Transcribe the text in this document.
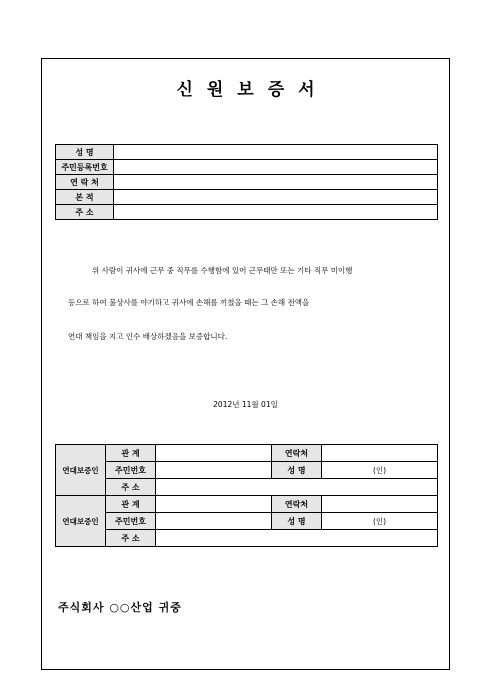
신원보증서
성 명	
주민등록번호	
연 락 처	
본 적	
주 소	
위 사람이 귀사에 근무 중 직무를 수행함에 있어 근무태만 또는 기타 직무 미이행
등으로 하여 불상사를 야기하고 귀사에 손해를 끼쳤을 때는 그 손해 전액을
연대 책임을 지고 인수 배상하겠음을 보증합니다.
2012년 11월 01일
연대보증인	관 계		연락처	
	주민번호		성 명	(인)
	주 소			
연대보증인	관 계		연락처	
	주민번호		성 명	(인)
	주 소			
주식회사 ○○산업 귀중
